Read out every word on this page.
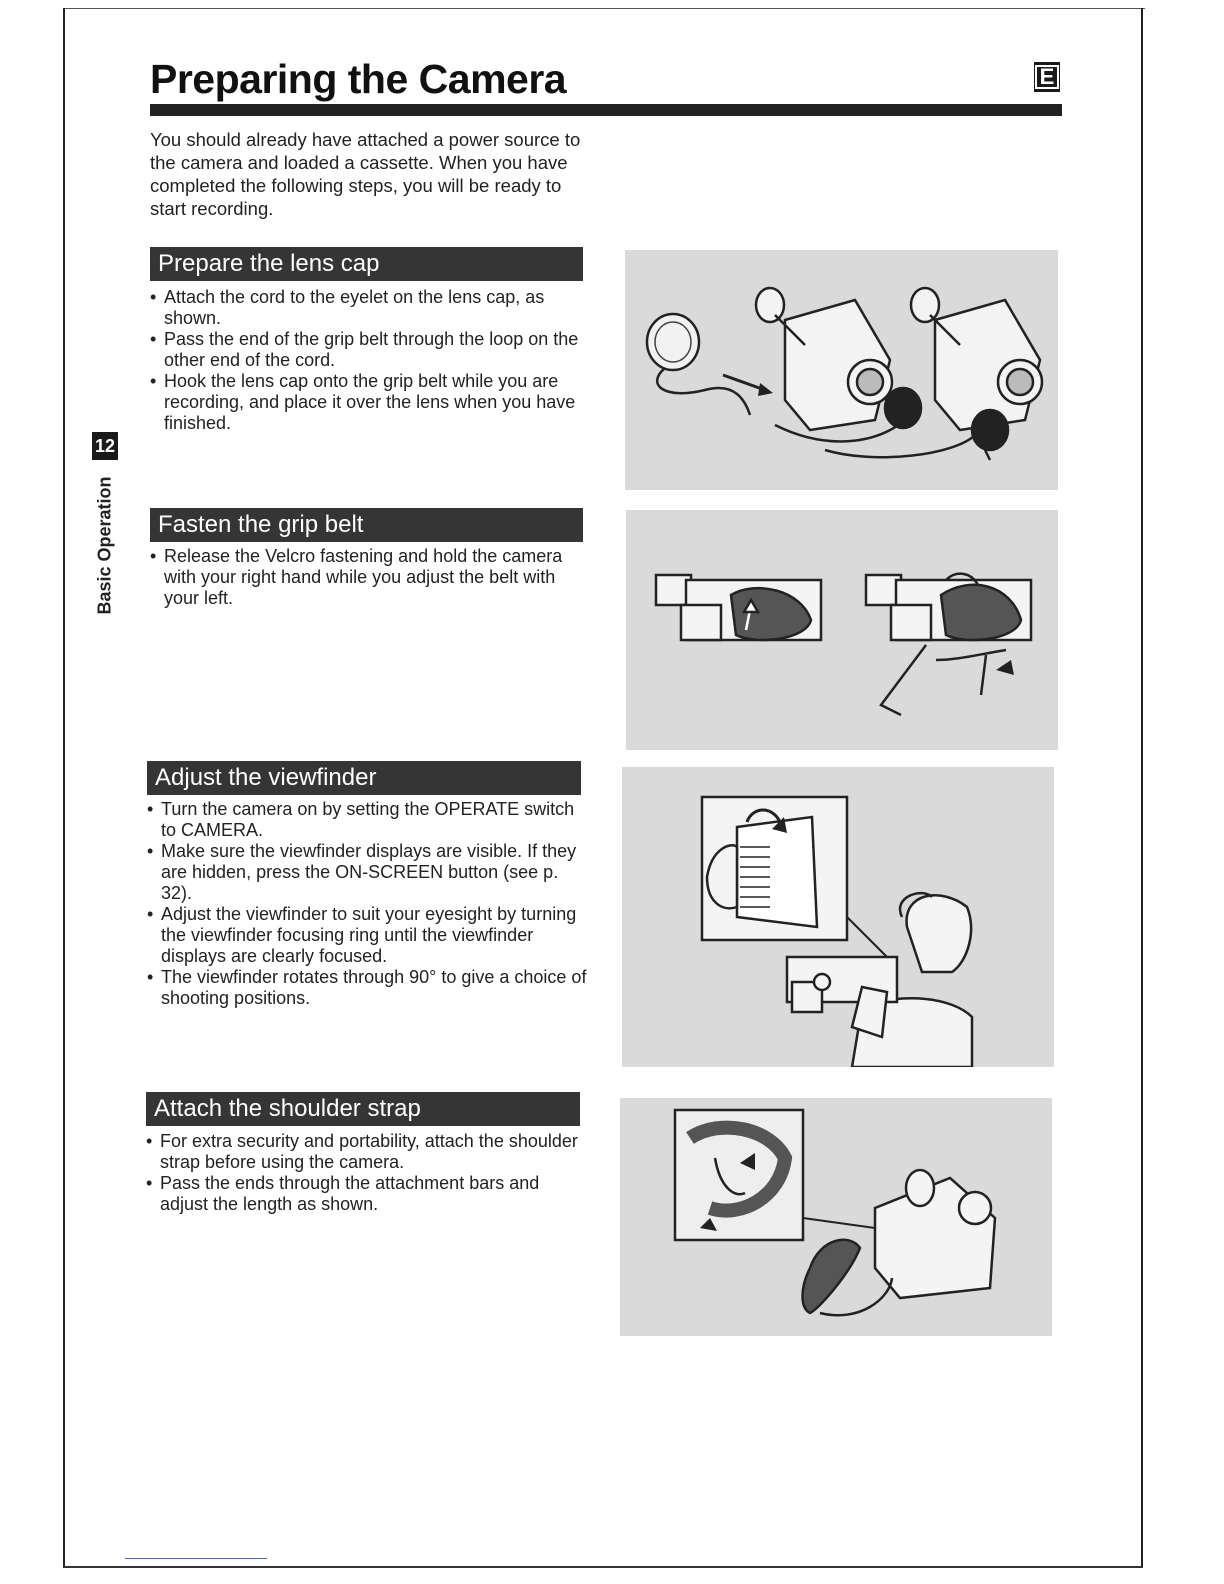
Preparing the Camera	E

You should already have attached a power source to the camera and loaded a cassette. When you have completed the following steps, you will be ready to start recording.

12
Basic Operation
Prepare the lens cap
• Attach the cord to the eyelet on the lens cap, as shown.
• Pass the end of the grip belt through the loop on the other end of the cord.
• Hook the lens cap onto the grip belt while you are recording, and place it over the lens when you have finished.
Fasten the grip belt
• Release the Velcro fastening and hold the camera with your right hand while you adjust the belt with your left.
Adjust the viewfinder
• Turn the camera on by setting the OPERATE switch to CAMERA.
• Make sure the viewfinder displays are visible. If they are hidden, press the ON-SCREEN button (see p. 32).
• Adjust the viewfinder to suit your eyesight by turning the viewfinder focusing ring until the viewfinder displays are clearly focused.
• The viewfinder rotates through 90° to give a choice of shooting positions.
Attach the shoulder strap
• For extra security and portability, attach the shoulder strap before using the camera.
• Pass the ends through the attachment bars and adjust the length as shown.
